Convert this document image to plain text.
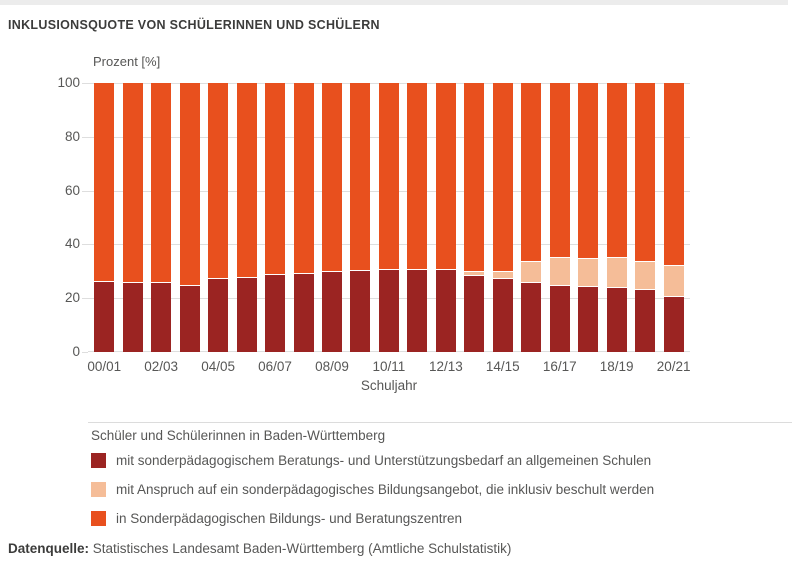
INKLUSIONSQUOTE VON SCHÜLERINNEN UND SCHÜLERN
Prozent [%]
0
20
40
60
80
100
00/01 02/03 04/05 06/07 08/09 10/11 12/13 14/15 16/17 18/19 20/21
Schuljahr
Schüler und Schülerinnen in Baden-Württemberg
mit sonderpädagogischem Beratungs- und Unterstützungsbedarf an allgemeinen Schulen
mit Anspruch auf ein sonderpädagogisches Bildungsangebot, die inklusiv beschult werden
in Sonderpädagogischen Bildungs- und Beratungszentren
Datenquelle: Statistisches Landesamt Baden-Württemberg (Amtliche Schulstatistik)
